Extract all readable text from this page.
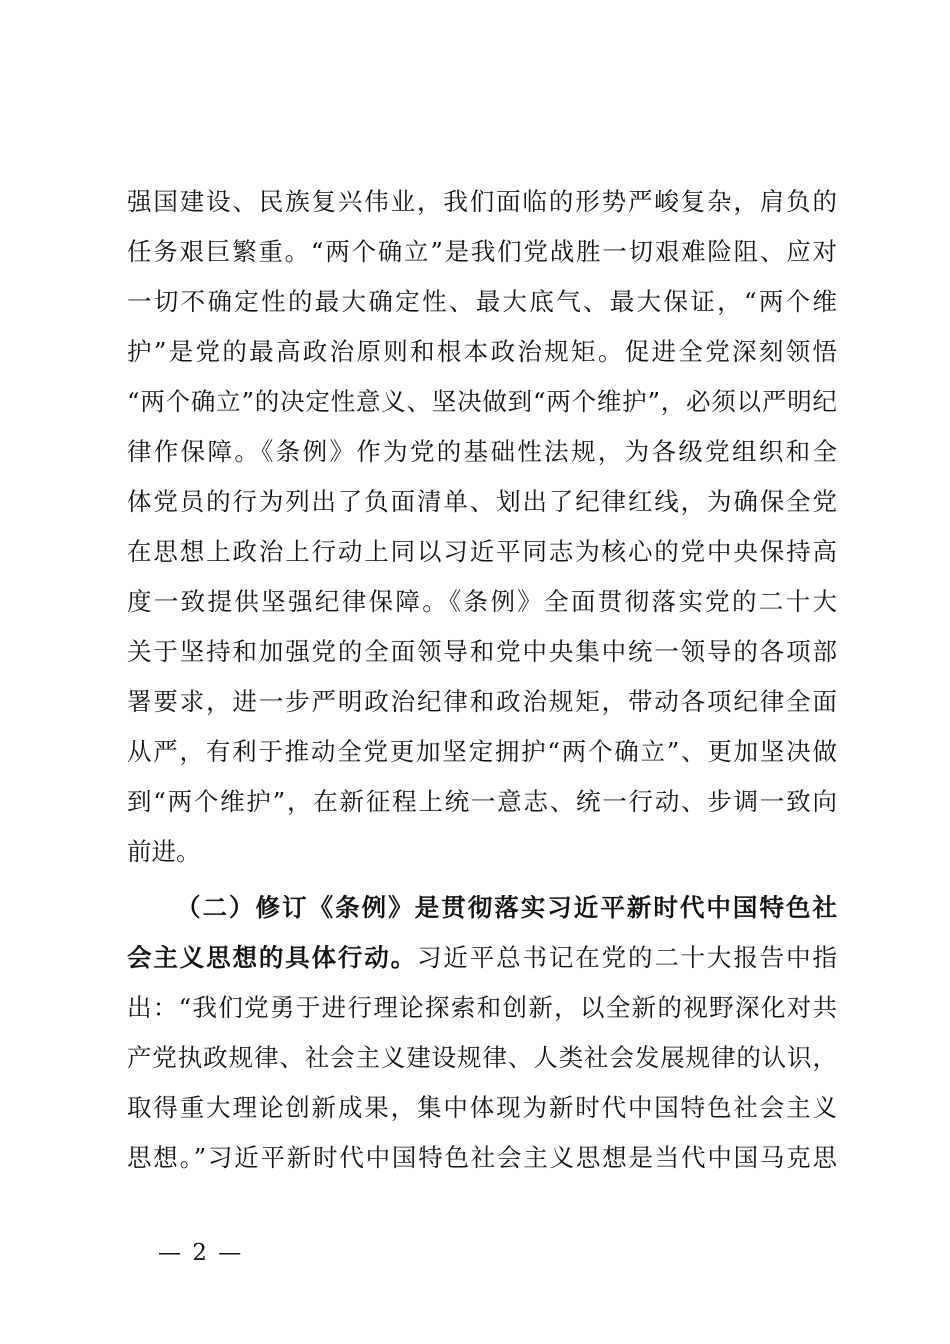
强国建设、民族复兴伟业，我们面临的形势严峻复杂，肩负的
任务艰巨繁重。“两个确立”是我们党战胜一切艰难险阻、应对
一切不确定性的最大确定性、最大底气、最大保证，“两个维
护”是党的最高政治原则和根本政治规矩。促进全党深刻领悟
“两个确立”的决定性意义、坚决做到“两个维护”，必须以严明纪
律作保障。《条例》作为党的基础性法规，为各级党组织和全
体党员的行为列出了负面清单、划出了纪律红线，为确保全党
在思想上政治上行动上同以习近平同志为核心的党中央保持高
度一致提供坚强纪律保障。《条例》全面贯彻落实党的二十大
关于坚持和加强党的全面领导和党中央集中统一领导的各项部
署要求，进一步严明政治纪律和政治规矩，带动各项纪律全面
从严，有利于推动全党更加坚定拥护“两个确立”、更加坚决做
到“两个维护”，在新征程上统一意志、统一行动、步调一致向
前进。
（二）修订《条例》是贯彻落实习近平新时代中国特色社
会主义思想的具体行动。习近平总书记在党的二十大报告中指
出：“我们党勇于进行理论探索和创新，以全新的视野深化对共
产党执政规律、社会主义建设规律、人类社会发展规律的认识，
取得重大理论创新成果，集中体现为新时代中国特色社会主义
思想。”习近平新时代中国特色社会主义思想是当代中国马克思
— 2 —
